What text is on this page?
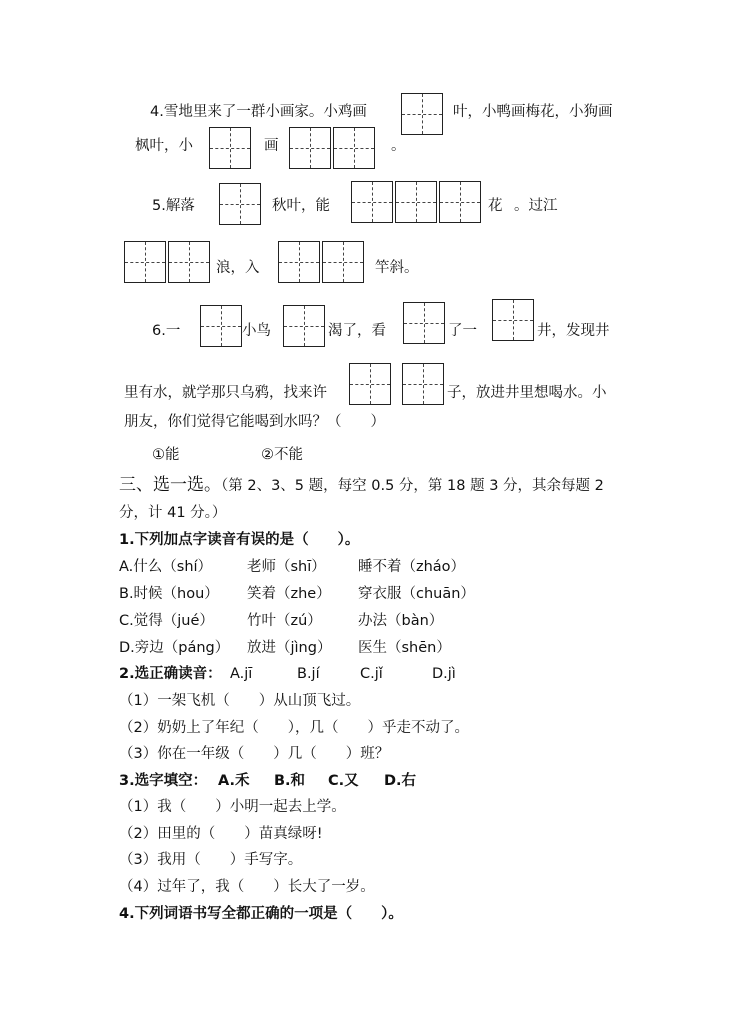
4.雪地里来了一群小画家。小鸡画	叶，小鸭画梅花，小狗画
枫叶，小	画	。
5.解落	秋叶，能	花 。过江
浪，入	竿斜。
6.一	小鸟	渴了，看	了一	井，发现井
里有水，就学那只乌鸦，找来许	子，放进井里想喝水。小
朋友，你们觉得它能喝到水吗？（　　）
①能	②不能
三、选一选。（第 2、3、5 题，每空 0.5 分，第 18 题 3 分，其余每题 2
分，计 41 分。）
1.下列加点字读音有误的是（　　）。
A.什么（shí） 老师（shī） 睡不着（zháo）
B.时候（hou） 笑着（zhe） 穿衣服（chuān）
C.觉得（jué） 竹叶（zú） 办法（bàn）
D.旁边（páng） 放进（jìng） 医生（shēn）
2.选正确读音： A.jī	B.jí	C.jǐ	D.jì
（1）一架飞机（　　）从山顶飞过。
（2）奶奶上了年纪（　　），几（　　）乎走不动了。
（3）你在一年级（　　）几（　　）班？
3.选字填空： A.禾 B.和 C.又 D.右
（1）我（　　）小明一起去上学。
（2）田里的（　　）苗真绿呀!
（3）我用（　　）手写字。
（4）过年了，我（　　）长大了一岁。
4.下列词语书写全都正确的一项是（　　）。
